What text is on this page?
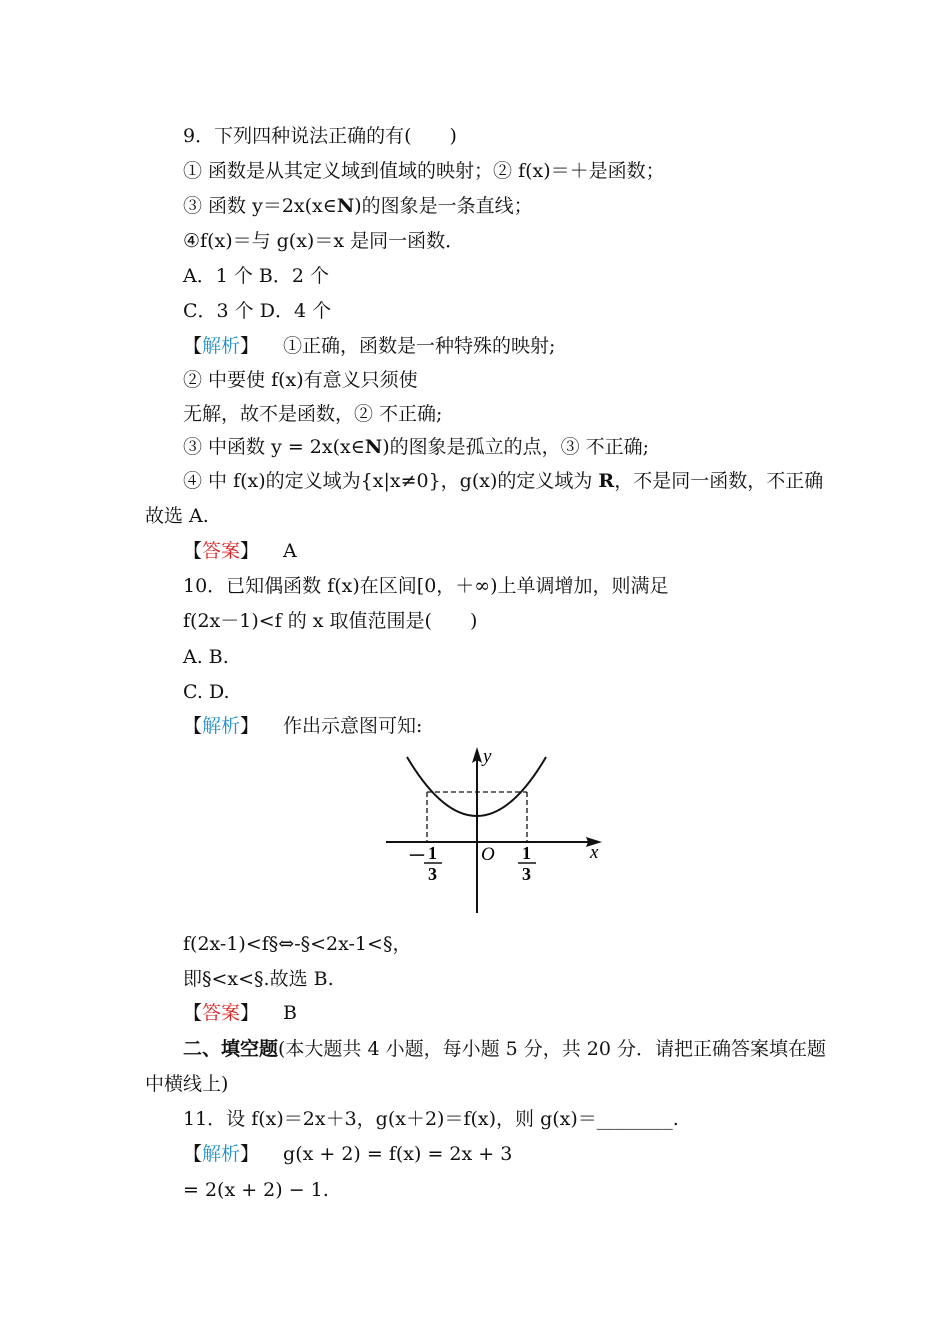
9．下列四种说法正确的有(　　)
① 函数是从其定义域到值域的映射；② f(x)＝＋是函数；
③ 函数 y＝2x(x∈N)的图象是一条直线；
④f(x)＝与 g(x)＝x 是同一函数．
A．1 个 B．2 个
C．3 个 D．4 个
【解析】 ①正确，函数是一种特殊的映射;
② 中要使 f(x)有意义只须使
无解，故不是函数，② 不正确;
③ 中函数 y = 2x(x∈N)的图象是孤立的点，③ 不正确;
④ 中 f(x)的定义域为{x|x≠0}，g(x)的定义域为 R，不是同一函数，不正确
故选 A.
【答案】 A
10．已知偶函数 f(x)在区间[0，＋∞)上单调增加，则满足
f(2x－1)<f 的 x 取值范围是(　　)
A. B.
C. D.
【解析】 作出示意图可知:
y
x
O
－ 1
3
1
3
f(2x-1)<f§⇔-§<2x-1<§，
即§<x<§.故选 B.
【答案】 B
二、填空题(本大题共 4 小题，每小题 5 分，共 20 分．请把正确答案填在题
中横线上)
11．设 f(x)＝2x＋3，g(x＋2)＝f(x)，则 g(x)＝________.
【解析】 g(x + 2) = f(x) = 2x + 3
= 2(x + 2) − 1.
